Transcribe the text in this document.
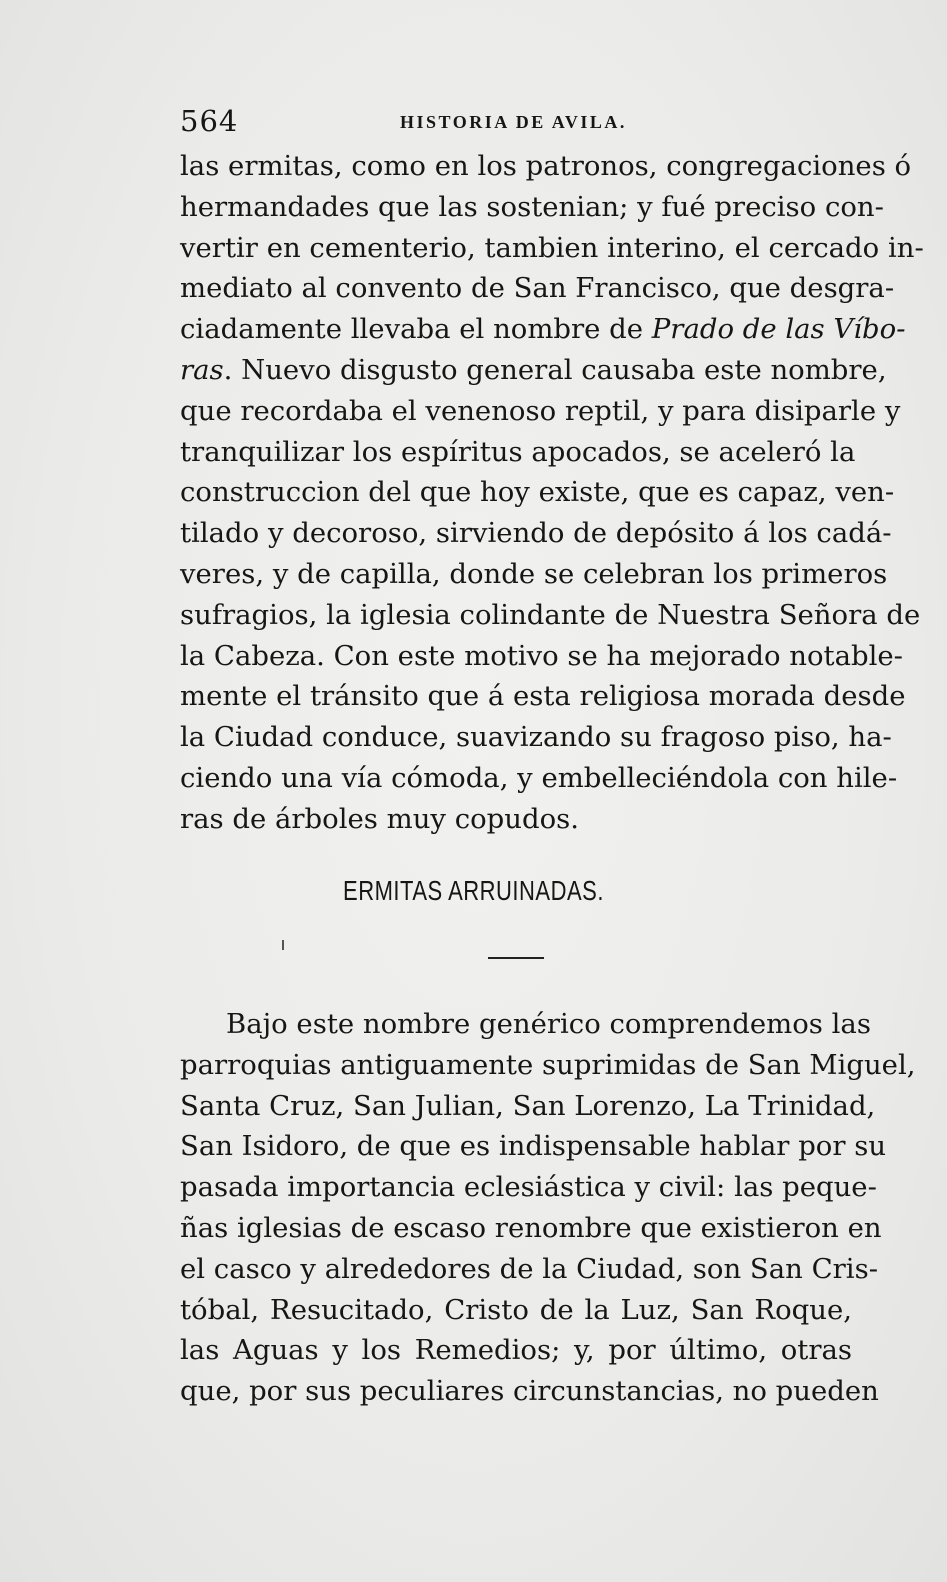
564	HISTORIA DE AVILA.
las ermitas, como en los patronos, congregaciones ó
hermandades que las sostenian; y fué preciso con-
vertir en cementerio, tambien interino, el cercado in-
mediato al convento de San Francisco, que desgra-
ciadamente llevaba el nombre de Prado de las Víbo-
ras. Nuevo disgusto general causaba este nombre,
que recordaba el venenoso reptil, y para disiparle y
tranquilizar los espíritus apocados, se aceleró la
construccion del que hoy existe, que es capaz, ven-
tilado y decoroso, sirviendo de depósito á los cadá-
veres, y de capilla, donde se celebran los primeros
sufragios, la iglesia colindante de Nuestra Señora de
la Cabeza. Con este motivo se ha mejorado notable-
mente el tránsito que á esta religiosa morada desde
la Ciudad conduce, suavizando su fragoso piso, ha-
ciendo una vía cómoda, y embelleciéndola con hile-
ras de árboles muy copudos.
ERMITAS ARRUINADAS.
Bajo este nombre genérico comprendemos las
parroquias antiguamente suprimidas de San Miguel,
Santa Cruz, San Julian, San Lorenzo, La Trinidad,
San Isidoro, de que es indispensable hablar por su
pasada importancia eclesiástica y civil: las peque-
ñas iglesias de escaso renombre que existieron en
el casco y alrededores de la Ciudad, son San Cris-
tóbal, Resucitado, Cristo de la Luz, San Roque,
las Aguas y los Remedios; y, por último, otras
que, por sus peculiares circunstancias, no pueden
